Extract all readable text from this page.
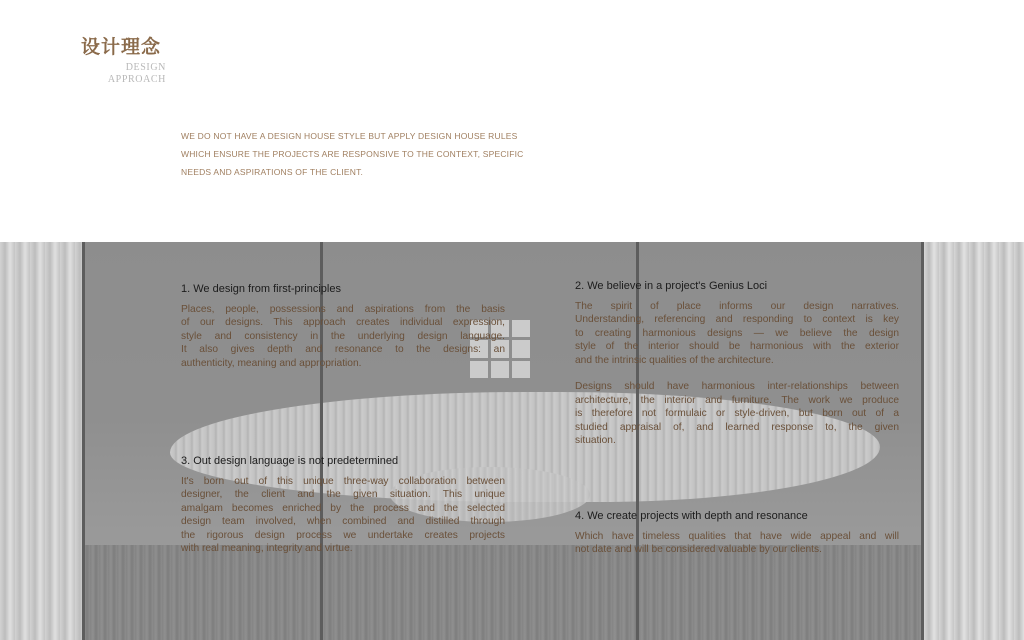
设计理念
DESIGN
APPROACH
WE DO NOT HAVE A DESIGN HOUSE STYLE BUT APPLY DESIGN HOUSE RULES
WHICH ENSURE THE PROJECTS ARE RESPONSIVE TO THE CONTEXT, SPECIFIC
NEEDS AND ASPIRATIONS OF THE CLIENT.
1. We design from first-principles
Places, people, possessions and aspirations from the basis
of our designs. This approach creates individual expression,
style and consistency in the underlying design language.
It also gives depth and resonance to the designs: an
authenticity, meaning and appropriation.
2. We believe in a project's Genius Loci
The spirit of place informs our design narratives.
Understanding, referencing and responding to context is key
to creating harmonious designs — we believe the design
style of the interior should be harmonious with the exterior
and the intrinsic qualities of the architecture.
Designs should have harmonious inter-relationships between
architecture, the interior and furniture. The work we produce
is therefore not formulaic or style-driven, but born out of a
studied appraisal of, and learned response to, the given
situation.
3. Out design language is not predetermined
It's born out of this unique three-way collaboration between
designer, the client and the given situation. This unique
amalgam becomes enriched by the process and the selected
design team involved, when combined and distilled through
the rigorous design process we undertake creates projects
with real meaning, integrity and virtue.
4. We create projects with depth and resonance
Which have timeless qualities that have wide appeal and will
not date and will be considered valuable by our clients.
